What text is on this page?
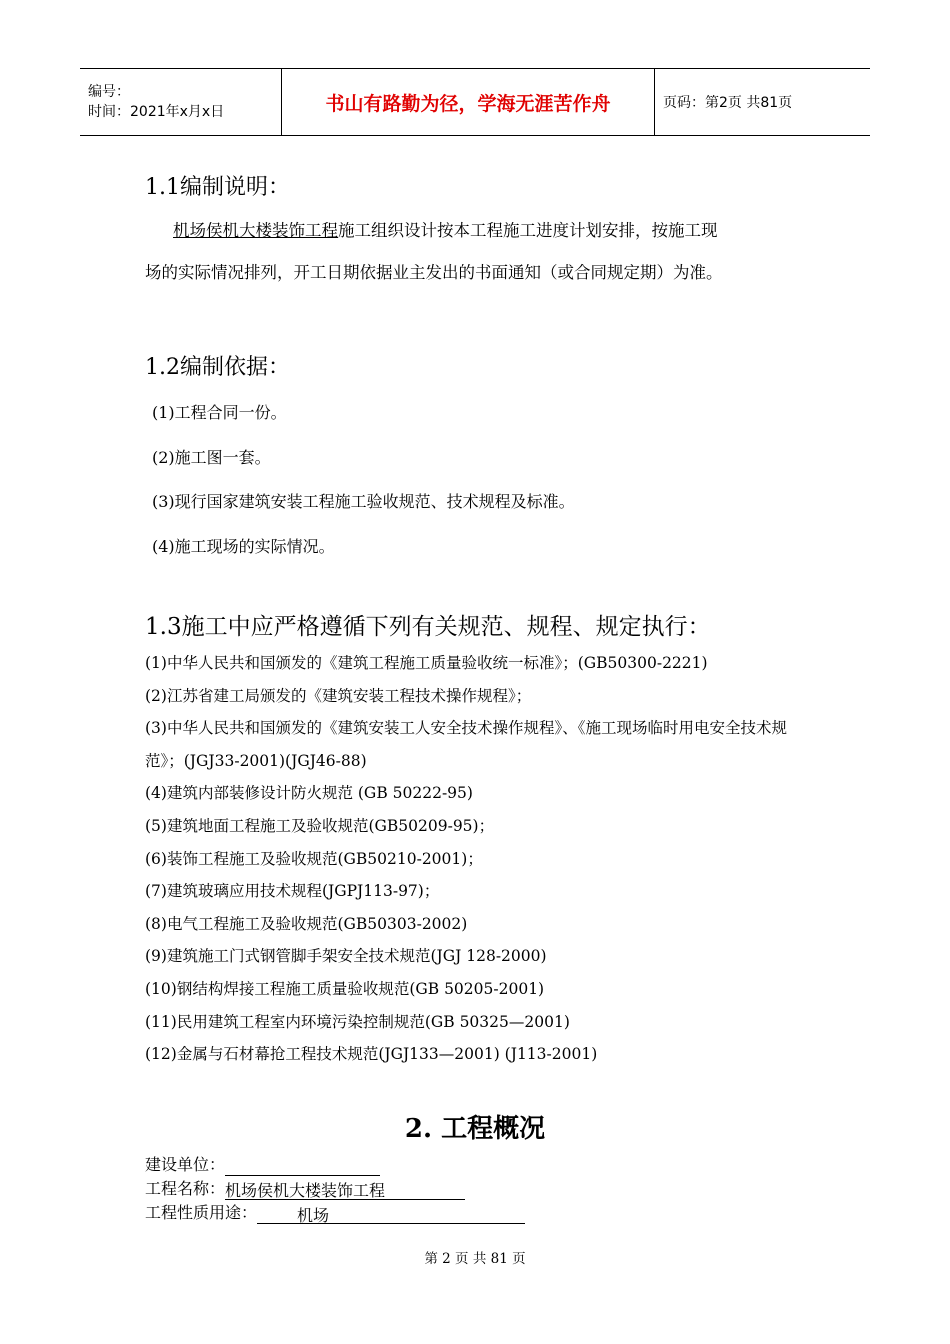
编号：
时间：2021年x月x日	书山有路勤为径，学海无涯苦作舟	页码：第2页 共81页
1.1编制说明：
机场侯机大楼装饰工程施工组织设计按本工程施工进度计划安排，按施工现
场的实际情况排列，开工日期依据业主发出的书面通知（或合同规定期）为准。
1.2编制依据：
(1)工程合同一份。
(2)施工图一套。
(3)现行国家建筑安装工程施工验收规范、技术规程及标准。
(4)施工现场的实际情况。
1.3施工中应严格遵循下列有关规范、规程、规定执行：
(1)中华人民共和国颁发的《建筑工程施工质量验收统一标准》；(GB50300-2221)
(2)江苏省建工局颁发的《建筑安装工程技术操作规程》；
(3)中华人民共和国颁发的《建筑安装工人安全技术操作规程》、《施工现场临时用电安全技术规范》；(JGJ33-2001)(JGJ46-88)
(4)建筑内部装修设计防火规范 (GB 50222-95)
(5)建筑地面工程施工及验收规范(GB50209-95)；
(6)装饰工程施工及验收规范(GB50210-2001)；
(7)建筑玻璃应用技术规程(JGPJ113-97)；
(8)电气工程施工及验收规范(GB50303-2002)
(9)建筑施工门式钢管脚手架安全技术规范(JGJ 128-2000)
(10)钢结构焊接工程施工质量验收规范(GB 50205-2001)
(11)民用建筑工程室内环境污染控制规范(GB 50325—2001)
(12)金属与石材幕抢工程技术规范(JGJ133—2001) (J113-2001)
2. 工程概况
建设单位：
工程名称：机场侯机大楼装饰工程
工程性质用途：	机场
第 2 页 共 81 页
